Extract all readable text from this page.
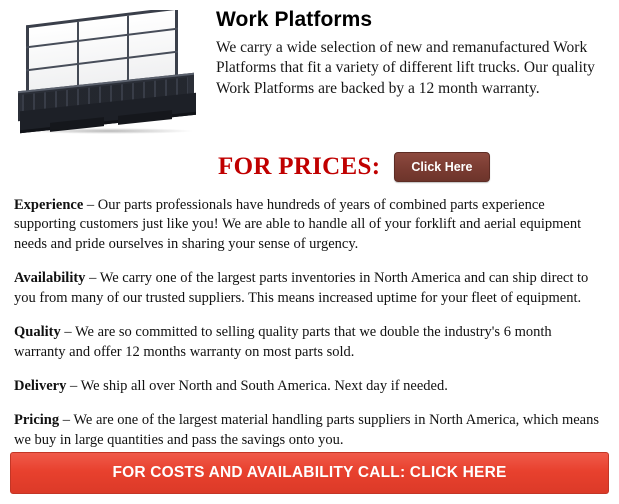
Work Platforms

We carry a wide selection of new and remanufactured Work Platforms that fit a variety of different lift trucks. Our quality Work Platforms are backed by a 12 month warranty.

FOR PRICES:	Click Here

Experience – Our parts professionals have hundreds of years of combined parts experience supporting customers just like you! We are able to handle all of your forklift and aerial equipment needs and pride ourselves in sharing your sense of urgency.

Availability – We carry one of the largest parts inventories in North America and can ship direct to you from many of our trusted suppliers. This means increased uptime for your fleet of equipment.

Quality – We are so committed to selling quality parts that we double the industry's 6 month warranty and offer 12 months warranty on most parts sold.

Delivery – We ship all over North and South America. Next day if needed.

Pricing – We are one of the largest material handling parts suppliers in North America, which means we buy in large quantities and pass the savings onto you.

FOR COSTS AND AVAILABILITY CALL: CLICK HERE
